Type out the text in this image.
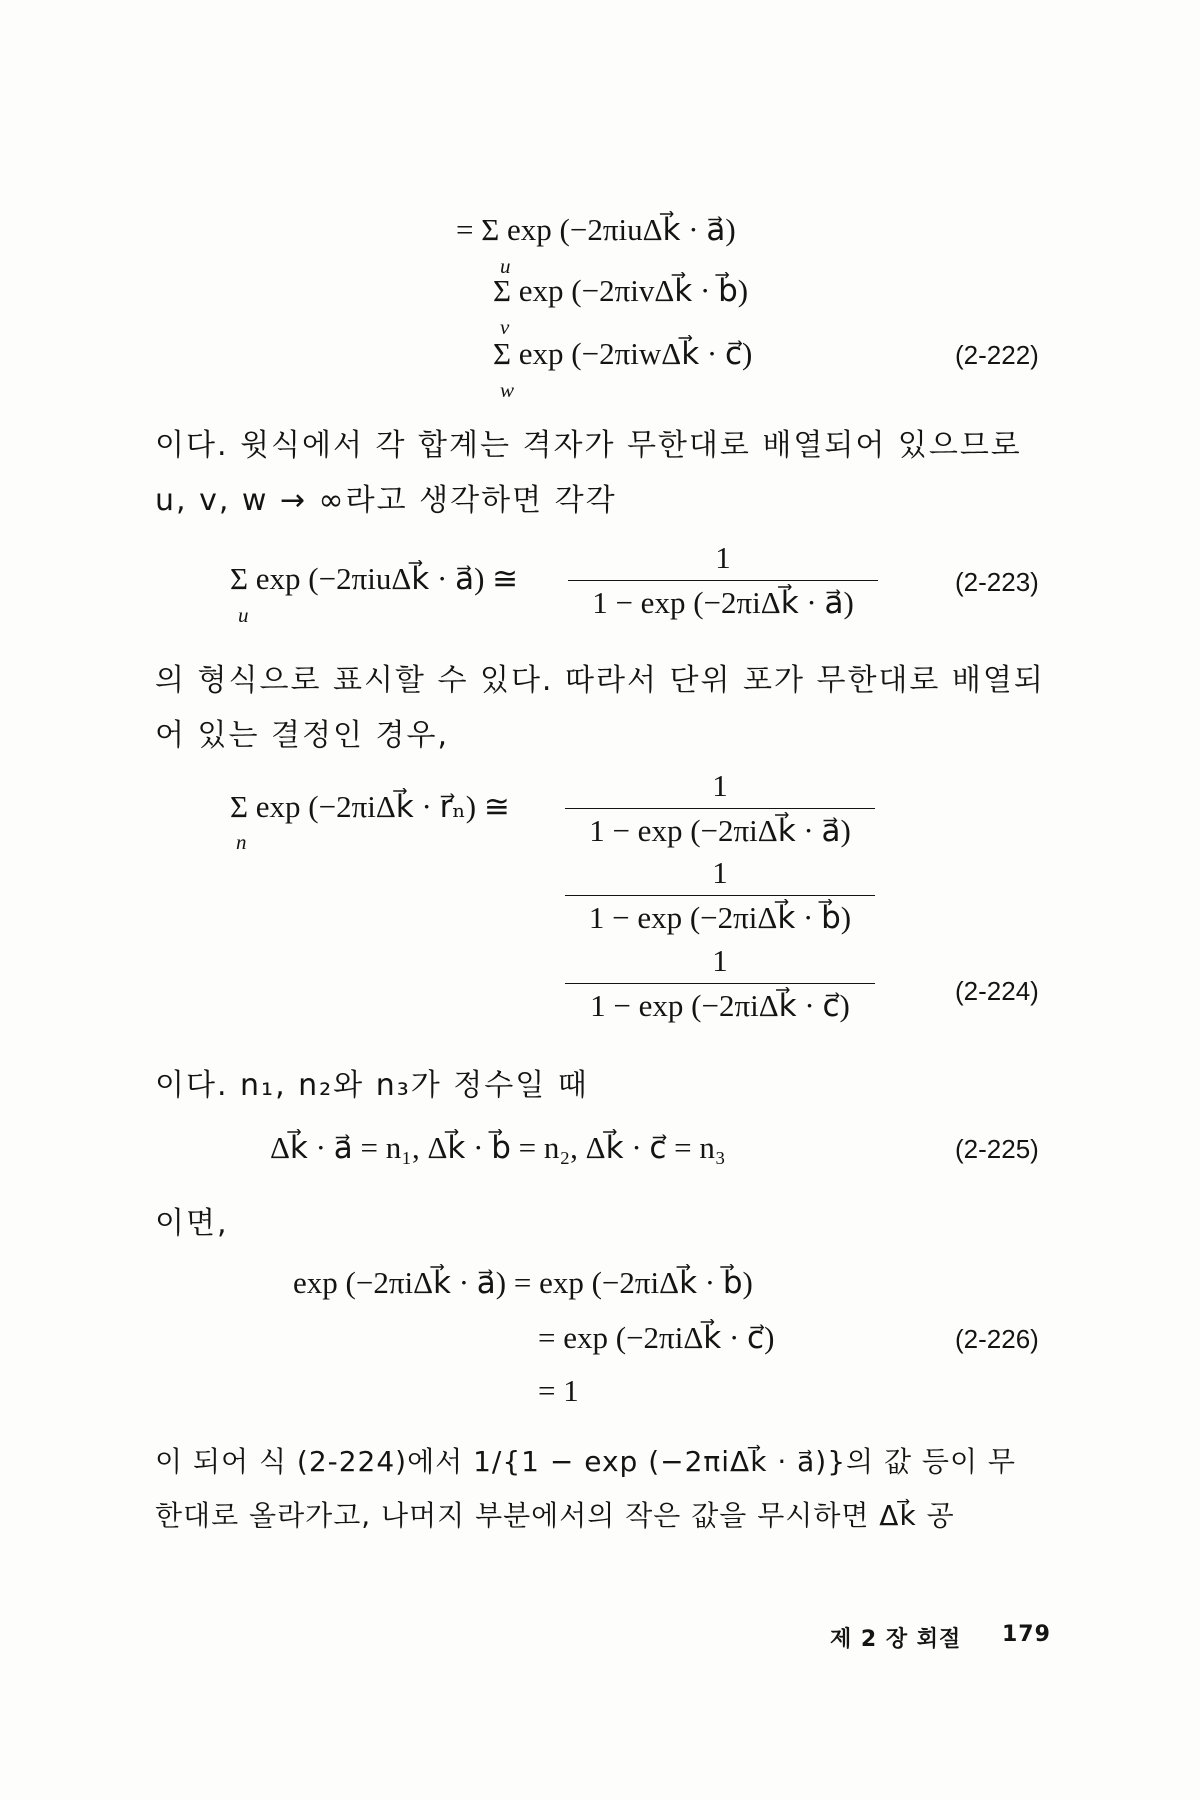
= Σ exp (−2πiuΔk⃗ · a⃗)
u
Σ exp (−2πivΔk⃗ · b⃗)
v
Σ exp (−2πiwΔk⃗ · c⃗)
w
(2-222)
이다. 윗식에서 각 합계는 격자가 무한대로 배열되어 있으므로
u, v, w → ∞라고 생각하면 각각
Σ exp (−2πiuΔk⃗ · a⃗) ≅
u
1
1 − exp (−2πiΔk⃗ · a⃗)
(2-223)
의 형식으로 표시할 수 있다. 따라서 단위 포가 무한대로 배열되
어 있는 결정인 경우,
Σ exp (−2πiΔk⃗ · r⃗ₙ) ≅
n
1
1 − exp (−2πiΔk⃗ · a⃗)
1
1 − exp (−2πiΔk⃗ · b⃗)
1
1 − exp (−2πiΔk⃗ · c⃗)	(2-224)
이다. n₁, n₂와 n₃가 정수일 때
Δk⃗ · a⃗ = n₁, Δk⃗ · b⃗ = n₂, Δk⃗ · c⃗ = n₃	(2-225)
이면,
exp (−2πiΔk⃗ · a⃗) = exp (−2πiΔk⃗ · b⃗)
= exp (−2πiΔk⃗ · c⃗)
= 1
(2-226)
이 되어 식 (2-224)에서 1/{1 − exp (−2πiΔk⃗ · a⃗)}의 값 등이 무
한대로 올라가고, 나머지 부분에서의 작은 값을 무시하면 Δk⃗ 공
제 2 장 회절 179
